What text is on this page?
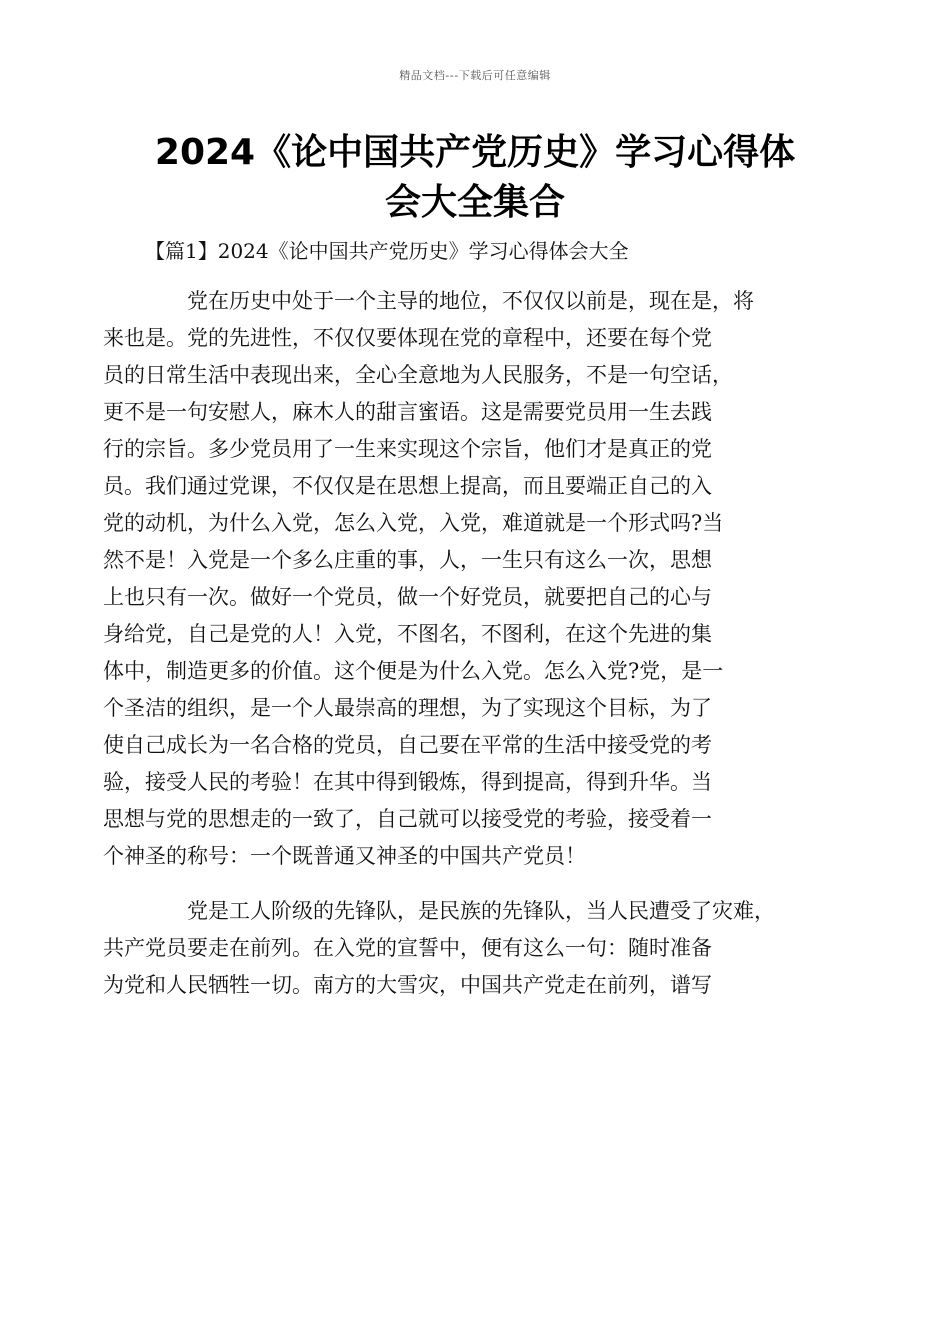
精品文档---下载后可任意编辑
2024《论中国共产党历史》学习心得体
会大全集合
【篇1】2024《论中国共产党历史》学习心得体会大全

党在历史中处于一个主导的地位，不仅仅以前是，现在是，将
来也是。党的先进性，不仅仅要体现在党的章程中，还要在每个党
员的日常生活中表现出来，全心全意地为人民服务，不是一句空话，
更不是一句安慰人，麻木人的甜言蜜语。这是需要党员用一生去践
行的宗旨。多少党员用了一生来实现这个宗旨，他们才是真正的党
员。我们通过党课，不仅仅是在思想上提高，而且要端正自己的入
党的动机，为什么入党，怎么入党，入党，难道就是一个形式吗?当
然不是！入党是一个多么庄重的事，人，一生只有这么一次，思想
上也只有一次。做好一个党员，做一个好党员，就要把自己的心与
身给党，自己是党的人！入党，不图名，不图利，在这个先进的集
体中，制造更多的价值。这个便是为什么入党。怎么入党?党，是一
个圣洁的组织，是一个人最崇高的理想，为了实现这个目标，为了
使自己成长为一名合格的党员，自己要在平常的生活中接受党的考
验，接受人民的考验！在其中得到锻炼，得到提高，得到升华。当
思想与党的思想走的一致了，自己就可以接受党的考验，接受着一
个神圣的称号：一个既普通又神圣的中国共产党员！

党是工人阶级的先锋队，是民族的先锋队，当人民遭受了灾难，
共产党员要走在前列。在入党的宣誓中，便有这么一句：随时准备
为党和人民牺牲一切。南方的大雪灾，中国共产党走在前列，谱写
